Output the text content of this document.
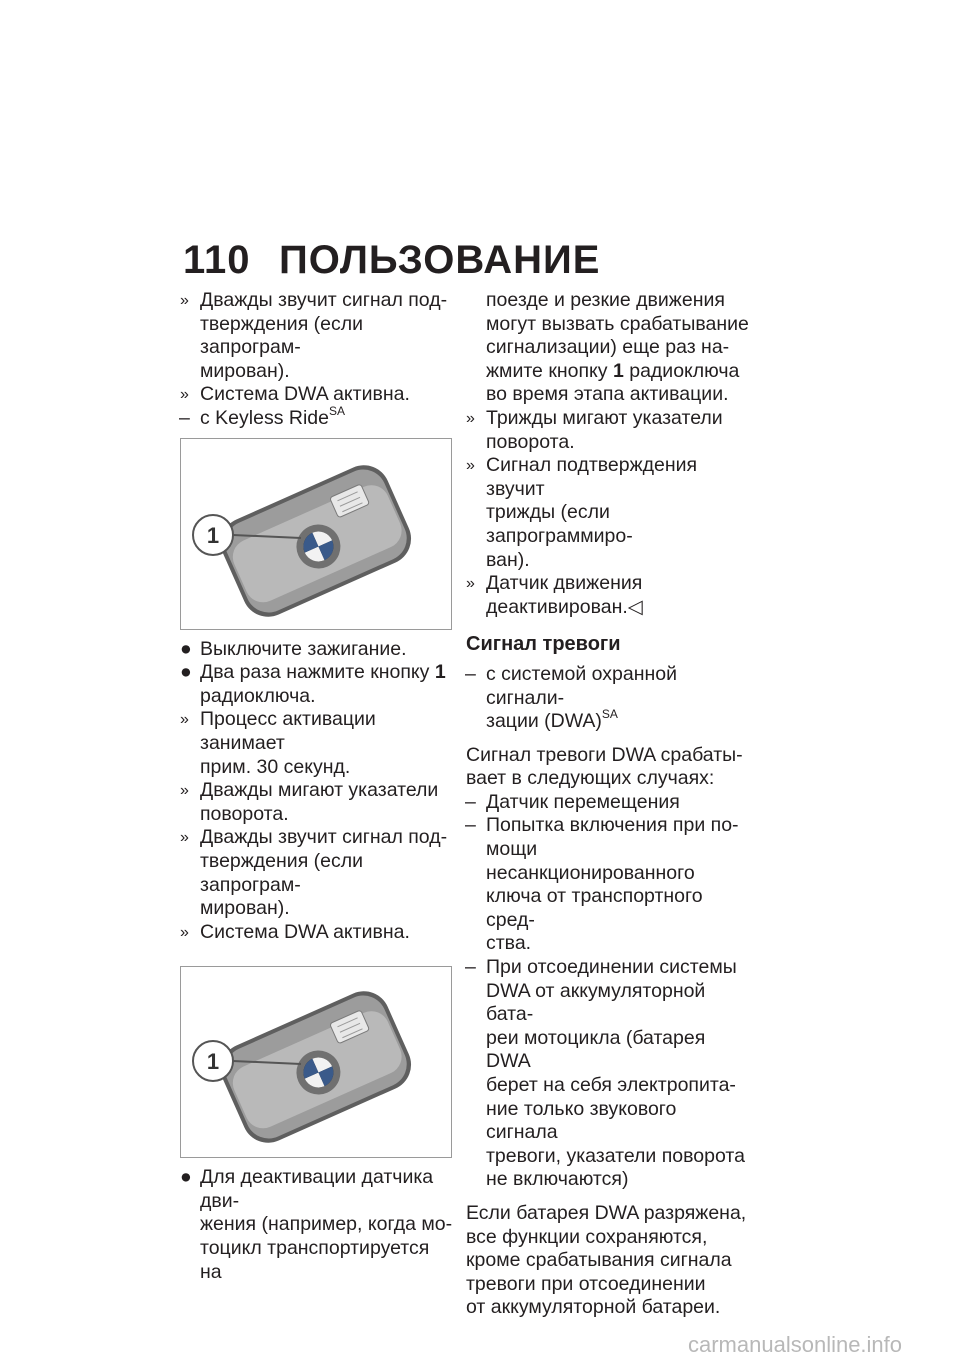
110 ПОЛЬЗОВАНИЕ
» Дважды звучит сигнал под-
тверждения (если запрограм-
мирован).
» Система DWA активна.
– с Keyless Ride$^{SA}$
1
● Выключите зажигание.
● Два раза нажмите кнопку 1
радиоключа.
» Процесс активации занимает
прим. 30 секунд.
» Дважды мигают указатели
поворота.
» Дважды звучит сигнал под-
тверждения (если запрограм-
мирован).
» Система DWA активна.
1
● Для деактивации датчика дви-
жения (например, когда мо-
тоцикл транспортируется на
поезде и резкие движения
могут вызвать срабатывание
сигнализации) еще раз на-
жмите кнопку 1 радиоключа
во время этапа активации.
» Трижды мигают указатели
поворота.
» Сигнал подтверждения звучит
трижды (если запрограммиро-
ван).
» Датчик движения
деактивирован.◁
Сигнал тревоги
– с системой охранной сигнали-
зации (DWA)$^{SA}$
Сигнал тревоги DWA срабаты-
вает в следующих случаях:
– Датчик перемещения
– Попытка включения при по-
мощи несанкционированного
ключа от транспортного сред-
ства.
– При отсоединении системы
DWA от аккумуляторной бата-
реи мотоцикла (батарея DWA
берет на себя электропита-
ние только звукового сигнала
тревоги, указатели поворота
не включаются)
Если батарея DWA разряжена,
все функции сохраняются,
кроме срабатывания сигнала
тревоги при отсоединении
от аккумуляторной батареи.
carmanualsonline.info
